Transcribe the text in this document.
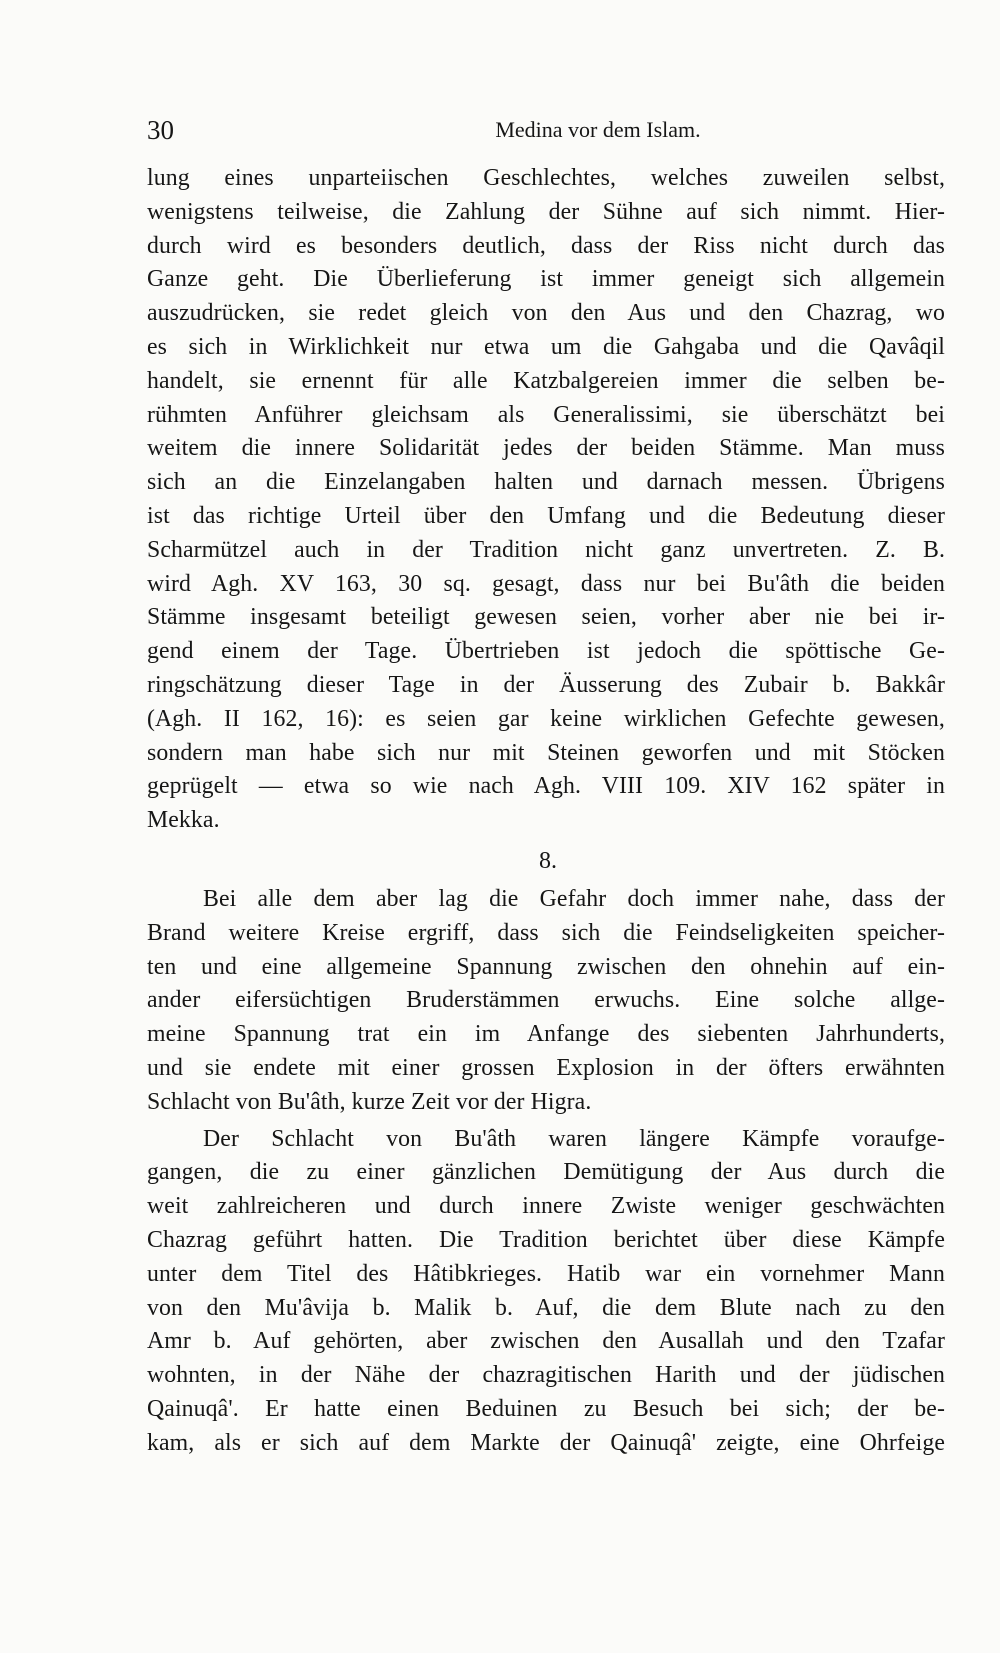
30	Medina vor dem Islam.
lung eines unparteiischen Geschlechtes, welches zuweilen selbst,
wenigstens teilweise, die Zahlung der Sühne auf sich nimmt. Hier-
durch wird es besonders deutlich, dass der Riss nicht durch das
Ganze geht. Die Überlieferung ist immer geneigt sich allgemein
auszudrücken, sie redet gleich von den Aus und den Chazrag, wo
es sich in Wirklichkeit nur etwa um die Gahgaba und die Qavâqil
handelt, sie ernennt für alle Katzbalgereien immer die selben be-
rühmten Anführer gleichsam als Generalissimi, sie überschätzt bei
weitem die innere Solidarität jedes der beiden Stämme. Man muss
sich an die Einzelangaben halten und darnach messen. Übrigens
ist das richtige Urteil über den Umfang und die Bedeutung dieser
Scharmützel auch in der Tradition nicht ganz unvertreten. Z. B.
wird Agh. XV 163, 30 sq. gesagt, dass nur bei Bu'âth die beiden
Stämme insgesamt beteiligt gewesen seien, vorher aber nie bei ir-
gend einem der Tage. Übertrieben ist jedoch die spöttische Ge-
ringschätzung dieser Tage in der Äusserung des Zubair b. Bakkâr
(Agh. II 162, 16): es seien gar keine wirklichen Gefechte gewesen,
sondern man habe sich nur mit Steinen geworfen und mit Stöcken
geprügelt — etwa so wie nach Agh. VIII 109. XIV 162 später in
Mekka.
8.
Bei alle dem aber lag die Gefahr doch immer nahe, dass der
Brand weitere Kreise ergriff, dass sich die Feindseligkeiten speicher-
ten und eine allgemeine Spannung zwischen den ohnehin auf ein-
ander eifersüchtigen Bruderstämmen erwuchs. Eine solche allge-
meine Spannung trat ein im Anfange des siebenten Jahrhunderts,
und sie endete mit einer grossen Explosion in der öfters erwähnten
Schlacht von Bu'âth, kurze Zeit vor der Higra.
Der Schlacht von Bu'âth waren längere Kämpfe voraufge-
gangen, die zu einer gänzlichen Demütigung der Aus durch die
weit zahlreicheren und durch innere Zwiste weniger geschwächten
Chazrag geführt hatten. Die Tradition berichtet über diese Kämpfe
unter dem Titel des Hâtibkrieges. Hatib war ein vornehmer Mann
von den Mu'âvija b. Malik b. Auf, die dem Blute nach zu den
Amr b. Auf gehörten, aber zwischen den Ausallah und den Tzafar
wohnten, in der Nähe der chazragitischen Harith und der jüdischen
Qainuqâ'. Er hatte einen Beduinen zu Besuch bei sich; der be-
kam, als er sich auf dem Markte der Qainuqâ' zeigte, eine Ohrfeige
